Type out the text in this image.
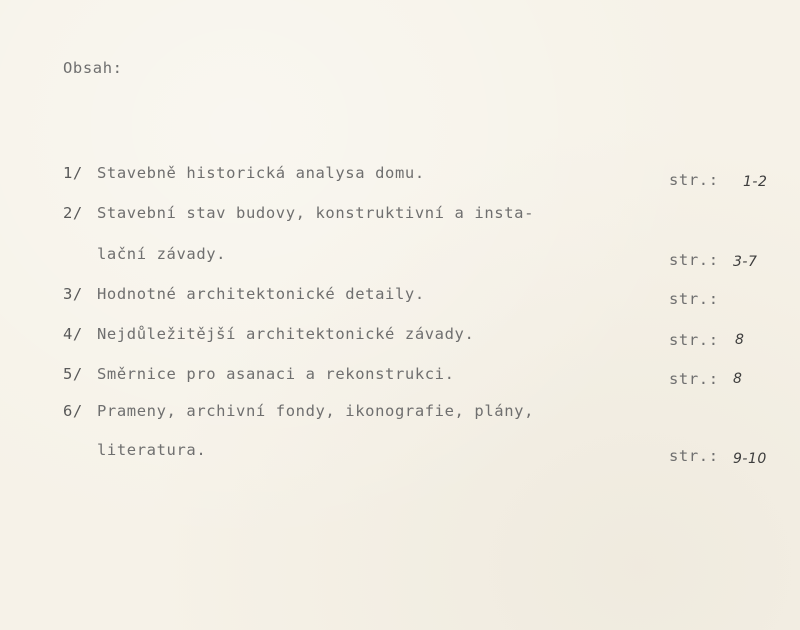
Obsah:
1/ Stavebně historická analysa domu.	str.: 1-2
2/ Stavební stav budovy, konstruktivní a insta-
lační závady.	str.: 3-7
3/ Hodnotné architektonické detaily.	str.:
4/ Nejdůležitější architektonické závady.	str.: 8
5/ Směrnice pro asanaci a rekonstrukci.	str.: 8
6/ Prameny, archivní fondy, ikonografie, plány,
literatura.	str.: 9-10
